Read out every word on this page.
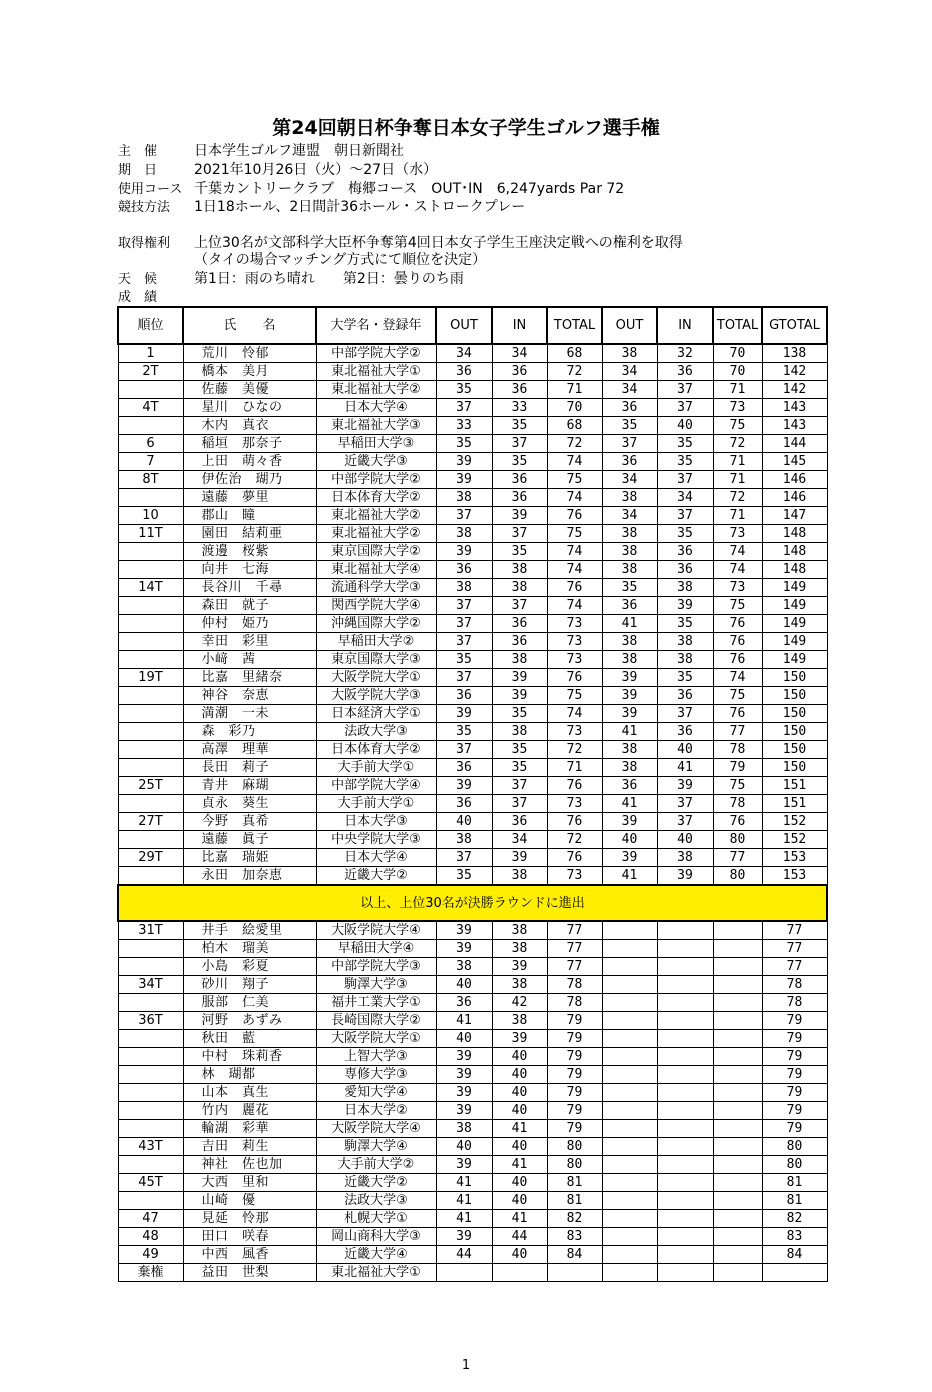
第24回朝日杯争奪日本女子学生ゴルフ選手権
主　催	日本学生ゴルフ連盟　朝日新聞社
期　日	2021年10月26日（火）～27日（水）
使用コース 千葉カントリークラブ　梅郷コース　OUT･IN　6,247yards Par 72
競技方法 1日18ホール、2日間計36ホール・ストロークプレー
取得権利 上位30名が文部科学大臣杯争奪第4回日本女子学生王座決定戦への権利を取得
（タイの場合マッチング方式にて順位を決定）
天　候	第1日：雨のち晴れ　　第2日：曇りのち雨
成　績
順位	氏　　名	大学名・登録年	OUT	IN	TOTAL	OUT	IN	TOTAL	GTOTAL
1	荒川　怜郁	中部学院大学②	34	34	68	38	32	70	138
2T	橋本　美月	東北福祉大学①	36	36	72	34	36	70	142
	佐藤　美優	東北福祉大学②	35	36	71	34	37	71	142
4T	星川　ひなの	日本大学④	37	33	70	36	37	73	143
	木内　真衣	東北福祉大学③	33	35	68	35	40	75	143
6	稲垣　那奈子	早稲田大学③	35	37	72	37	35	72	144
7	上田　萌々香	近畿大学③	39	35	74	36	35	71	145
8T	伊佐治　瑚乃	中部学院大学②	39	36	75	34	37	71	146
	遠藤　夢里	日本体育大学②	38	36	74	38	34	72	146
10	郡山　瞳	東北福祉大学②	37	39	76	34	37	71	147
11T	園田　結莉亜	東北福祉大学②	38	37	75	38	35	73	148
	渡邊　桜紫	東京国際大学②	39	35	74	38	36	74	148
	向井　七海	東北福祉大学④	36	38	74	38	36	74	148
14T	長谷川　千尋	流通科学大学③	38	38	76	35	38	73	149
	森田　就子	関西学院大学④	37	37	74	36	39	75	149
	仲村　姫乃	沖縄国際大学②	37	36	73	41	35	76	149
	幸田　彩里	早稲田大学②	37	36	73	38	38	76	149
	小﨑　茜	東京国際大学③	35	38	73	38	38	76	149
19T	比嘉　里緒奈	大阪学院大学①	37	39	76	39	35	74	150
	神谷　奈恵	大阪学院大学③	36	39	75	39	36	75	150
	満潮　一未	日本経済大学①	39	35	74	39	37	76	150
	森　彩乃	法政大学③	35	38	73	41	36	77	150
	高澤　理華	日本体育大学②	37	35	72	38	40	78	150
	長田　莉子	大手前大学①	36	35	71	38	41	79	150
25T	青井　麻瑚	中部学院大学④	39	37	76	36	39	75	151
	貞永　葵生	大手前大学①	36	37	73	41	37	78	151
27T	今野　真希	日本大学③	40	36	76	39	37	76	152
	遠藤　眞子	中央学院大学③	38	34	72	40	40	80	152
29T	比嘉　瑞姫	日本大学④	37	39	76	39	38	77	153
	永田　加奈恵	近畿大学②	35	38	73	41	39	80	153
以上、上位30名が決勝ラウンドに進出									
31T	井手　絵愛里	大阪学院大学④	39	38	77				77
	柏木　瑠美	早稲田大学④	39	38	77				77
	小島　彩夏	中部学院大学③	38	39	77				77
34T	砂川　翔子	駒澤大学③	40	38	78				78
	服部　仁美	福井工業大学①	36	42	78				78
36T	河野　あずみ	長崎国際大学②	41	38	79				79
	秋田　藍	大阪学院大学①	40	39	79				79
	中村　珠莉香	上智大学③	39	40	79				79
	林　瑚都	専修大学③	39	40	79				79
	山本　真生	愛知大学④	39	40	79				79
	竹内　麗花	日本大学②	39	40	79				79
	輪湖　彩華	大阪学院大学④	38	41	79				79
43T	吉田　莉生	駒澤大学④	40	40	80				80
	神社　佐也加	大手前大学②	39	41	80				80
45T	大西　里和	近畿大学②	41	40	81				81
	山崎　優	法政大学③	41	40	81				81
47	見延　怜那	札幌大学①	41	41	82				82
48	田口　咲春	岡山商科大学③	39	44	83				83
49	中西　風香	近畿大学④	44	40	84				84
棄権	益田　世梨	東北福祉大学①							
1
